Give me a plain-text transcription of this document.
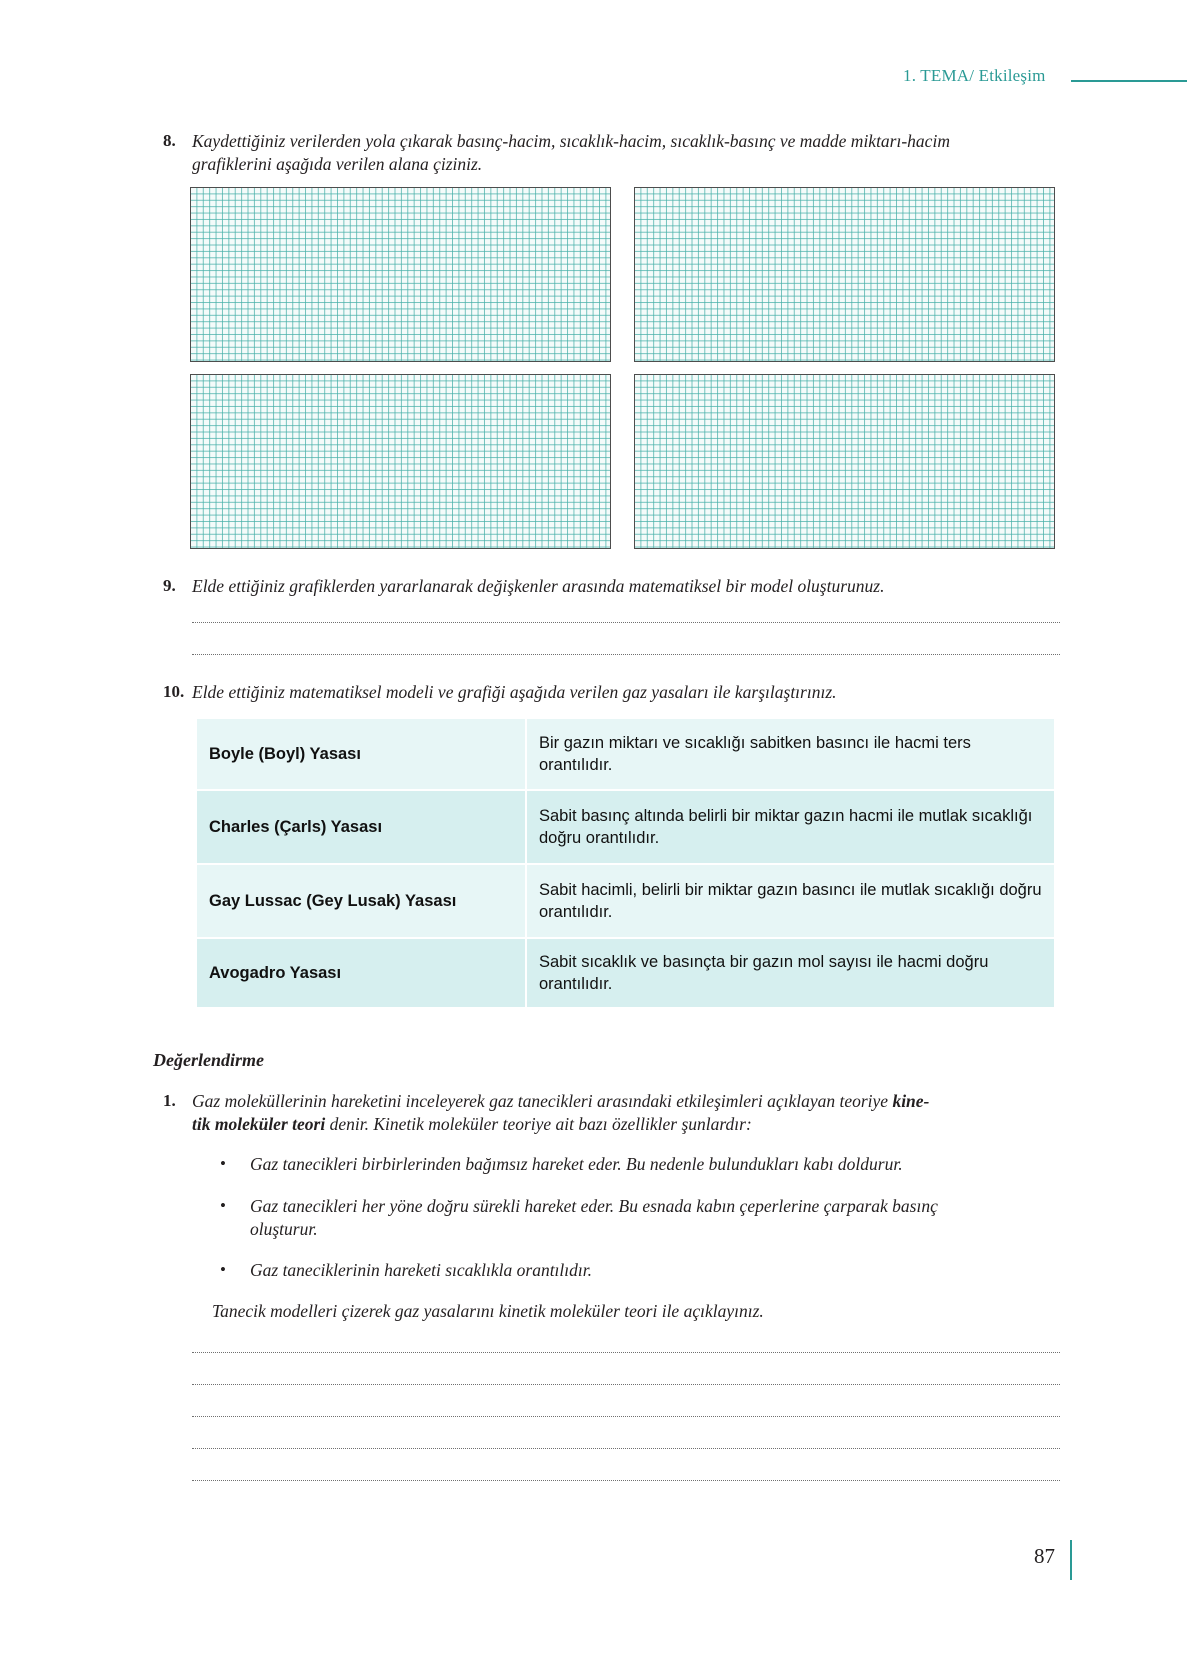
1. TEMA/ Etkileşim
8. Kaydettiğiniz verilerden yola çıkarak basınç-hacim, sıcaklık-hacim, sıcaklık-basınç ve madde miktarı-hacim
grafiklerini aşağıda verilen alana çiziniz.
9. Elde ettiğiniz grafiklerden yararlanarak değişkenler arasında matematiksel bir model oluşturunuz.
10. Elde ettiğiniz matematiksel modeli ve grafiği aşağıda verilen gaz yasaları ile karşılaştırınız.
Boyle (Boyl) Yasası	Bir gazın miktarı ve sıcaklığı sabitken basıncı ile hacmi ters orantılıdır.
Charles (Çarls) Yasası	Sabit basınç altında belirli bir miktar gazın hacmi ile mutlak sıcaklığı doğru orantılıdır.
Gay Lussac (Gey Lusak) Yasası	Sabit hacimli, belirli bir miktar gazın basıncı ile mutlak sıcaklığı doğru orantılıdır.
Avogadro Yasası	Sabit sıcaklık ve basınçta bir gazın mol sayısı ile hacmi doğru orantılıdır.
Değerlendirme
1. Gaz moleküllerinin hareketini inceleyerek gaz tanecikleri arasındaki etkileşimleri açıklayan teoriye kine-
tik moleküler teori denir. Kinetik moleküler teoriye ait bazı özellikler şunlardır:
• Gaz tanecikleri birbirlerinden bağımsız hareket eder. Bu nedenle bulundukları kabı doldurur.
• Gaz tanecikleri her yöne doğru sürekli hareket eder. Bu esnada kabın çeperlerine çarparak basınç
oluşturur.
• Gaz taneciklerinin hareketi sıcaklıkla orantılıdır.
Tanecik modelleri çizerek gaz yasalarını kinetik moleküler teori ile açıklayınız.
87
